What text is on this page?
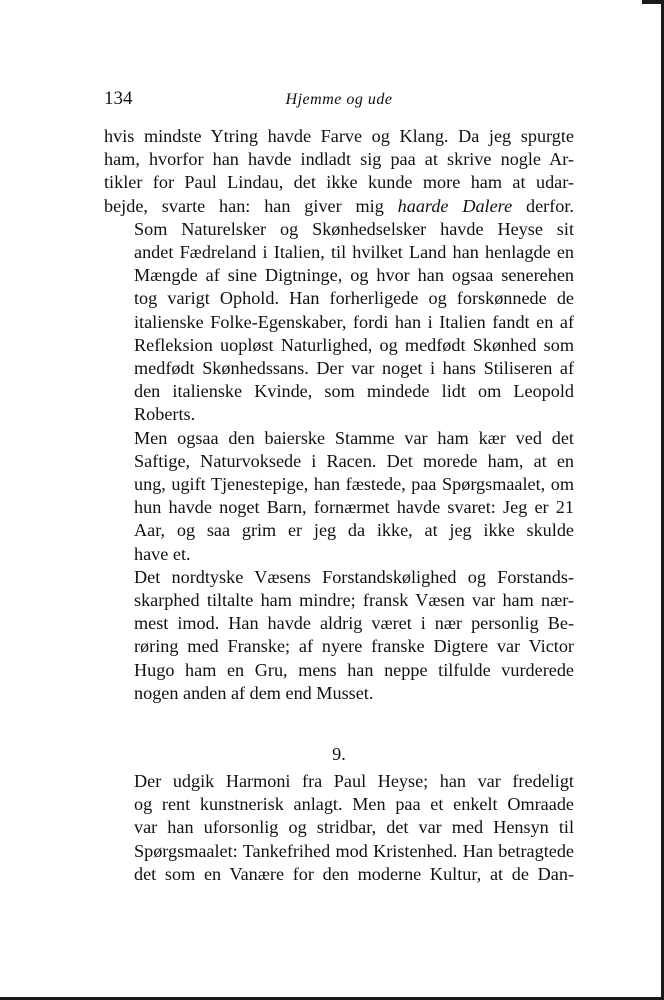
134	Hjemme og ude

hvis mindste Ytring havde Farve og Klang. Da jeg spurgte
ham, hvorfor han havde indladt sig paa at skrive nogle Ar-
tikler for Paul Lindau, det ikke kunde more ham at udar-
bejde, svarte han: han giver mig haarde Dalere derfor.

Som Naturelsker og Skønhedselsker havde Heyse sit
andet Fædreland i Italien, til hvilket Land han henlagde en
Mængde af sine Digtninge, og hvor han ogsaa senerehen
tog varigt Ophold. Han forherligede og forskønnede de
italienske Folke-Egenskaber, fordi han i Italien fandt en af
Refleksion uopløst Naturlighed, og medfødt Skønhed som
medfødt Skønhedssans. Der var noget i hans Stiliseren af
den italienske Kvinde, som mindede lidt om Leopold
Roberts.

Men ogsaa den baierske Stamme var ham kær ved det
Saftige, Naturvoksede i Racen. Det morede ham, at en
ung, ugift Tjenestepige, han fæstede, paa Spørgsmaalet, om
hun havde noget Barn, fornærmet havde svaret: Jeg er 21
Aar, og saa grim er jeg da ikke, at jeg ikke skulde
have et.

Det nordtyske Væsens Forstandskølighed og Forstands-
skarphed tiltalte ham mindre; fransk Væsen var ham nær-
mest imod. Han havde aldrig været i nær personlig Be-
røring med Franske; af nyere franske Digtere var Victor
Hugo ham en Gru, mens han neppe tilfulde vurderede
nogen anden af dem end Musset.

9.

Der udgik Harmoni fra Paul Heyse; han var fredeligt
og rent kunstnerisk anlagt. Men paa et enkelt Omraade
var han uforsonlig og stridbar, det var med Hensyn til
Spørgsmaalet: Tankefrihed mod Kristenhed. Han betragtede
det som en Vanære for den moderne Kultur, at de Dan-
